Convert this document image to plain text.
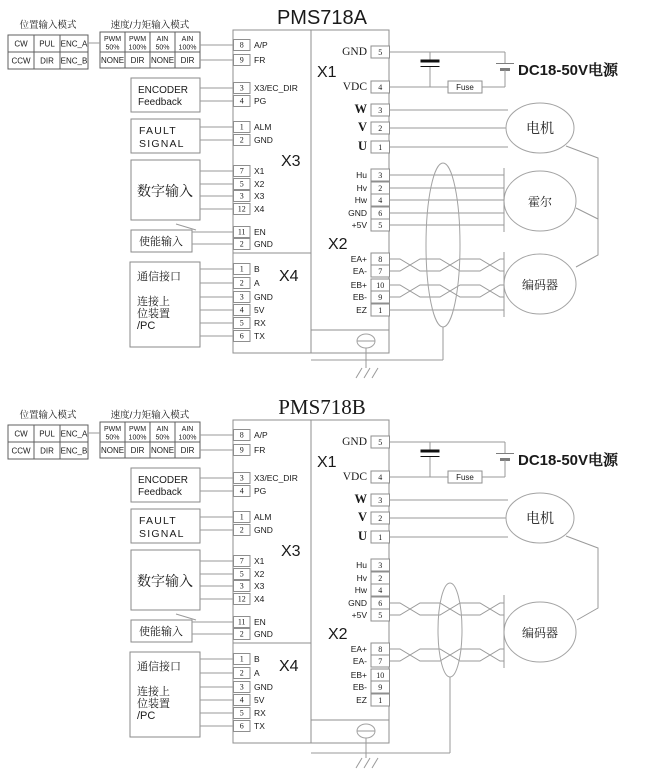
PMS718A
位置输入模式
CW PUL ENC_A
CCW DIR ENC_B
速度/力矩输入模式
PWM
50%
NONE
PWM
100%
DIR
AIN
50%
NONE
AIN
100%
DIR
ENCODER
Feedback
FAULT
SIGNAL
数字输入
使能输入
通信接口
连接上
位装置
/PC
DC18-50V电源
电机
霍尔
编码器
Fuse
8 A/P
9 FR
3 X3/EC_DIR
4 PG
1 ALM
2 GND
7 X1
5 X2
3 X3
12 X4
11 EN
2 GND
1 B
2 A
3 GND
4 5V
5 RX
6 TX
5
GND
4
VDC
3
W
2
V
1
U
3
Hu
2
Hv
4
Hw
6
GND
5
+5V
8
EA+
7
EA-
10
EB+
9
EB-
1
EZ
X1
X2
X3
X4
PMS718B
位置输入模式
CW PUL ENC_A
CCW DIR ENC_B
速度/力矩输入模式
PWM
50%
NONE
PWM
100%
DIR
AIN
50%
NONE
AIN
100%
DIR
ENCODER
Feedback
FAULT
SIGNAL
数字输入
使能输入
通信接口
连接上
位装置
/PC
DC18-50V电源
电机
编码器
Fuse
8 A/P
9 FR
3 X3/EC_DIR
4 PG
1 ALM
2 GND
7 X1
5 X2
3 X3
12 X4
11 EN
2 GND
1 B
2 A
3 GND
4 5V
5 RX
6 TX
5
GND
4
VDC
3
W
2
V
1
U
3
Hu
2
Hv
4
Hw
6
GND
5
+5V
8
EA+
7
EA-
10
EB+
9
EB-
1
EZ
X1
X2
X3
X4
